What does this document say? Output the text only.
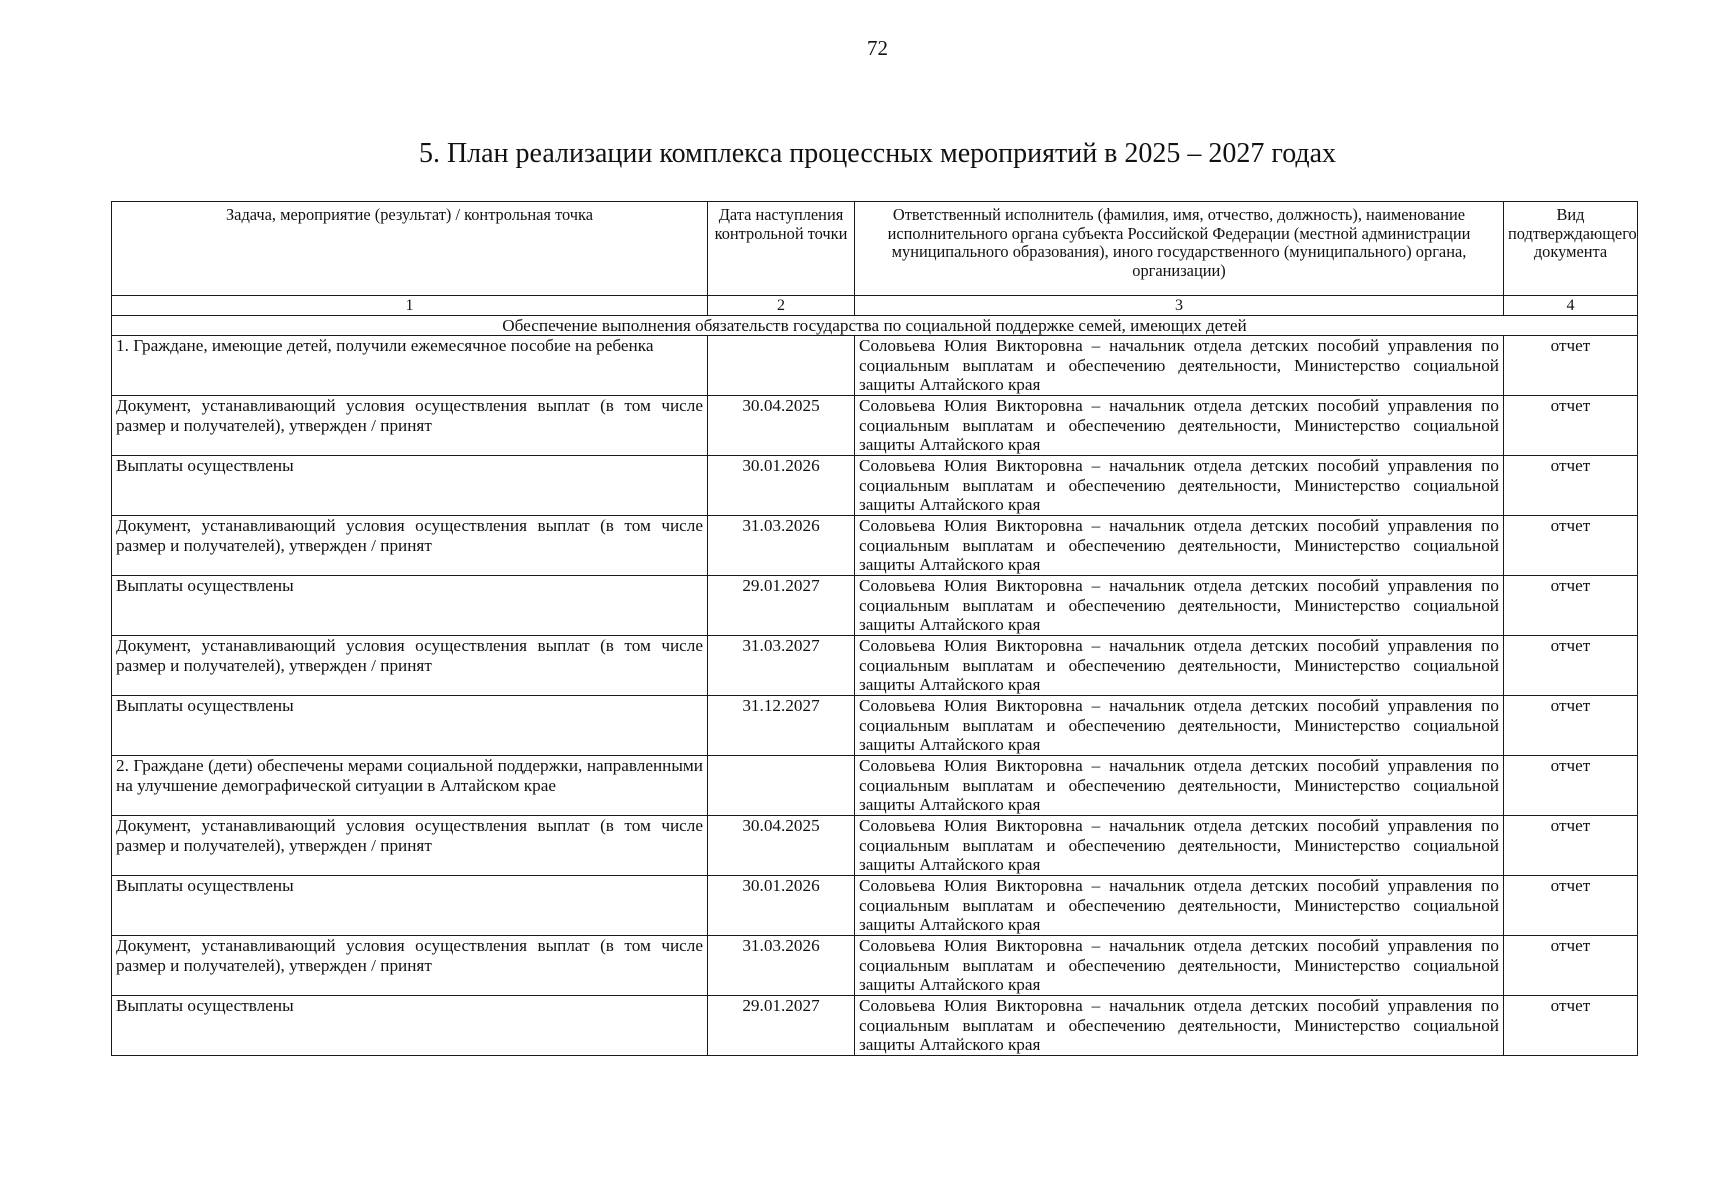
72
5. План реализации комплекса процессных мероприятий в 2025 – 2027 годах
Задача, мероприятие (результат) / контрольная точка	Дата наступления контрольной точки	Ответственный исполнитель (фамилия, имя, отчество, должность), наименование исполнительного органа субъекта Российской Федерации (местной администрации муниципального образования), иного государственного (муниципального) органа, организации)	Вид подтверждающего документа
1	2	3	4
Обеспечение выполнения обязательств государства по социальной поддержке семей, имеющих детей			
1. Граждане, имеющие детей, получили ежемесячное пособие на ребенка		Соловьева Юлия Викторовна – начальник отдела детских пособий управления по социальным выплатам и обеспечению деятельности, Министерство социальной защиты Алтайского края	отчет
Документ, устанавливающий условия осуществления выплат (в том числе размер и получателей), утвержден / принят	30.04.2025	Соловьева Юлия Викторовна – начальник отдела детских пособий управления по социальным выплатам и обеспечению деятельности, Министерство социальной защиты Алтайского края	отчет
Выплаты осуществлены	30.01.2026	Соловьева Юлия Викторовна – начальник отдела детских пособий управления по социальным выплатам и обеспечению деятельности, Министерство социальной защиты Алтайского края	отчет
Документ, устанавливающий условия осуществления выплат (в том числе размер и получателей), утвержден / принят	31.03.2026	Соловьева Юлия Викторовна – начальник отдела детских пособий управления по социальным выплатам и обеспечению деятельности, Министерство социальной защиты Алтайского края	отчет
Выплаты осуществлены	29.01.2027	Соловьева Юлия Викторовна – начальник отдела детских пособий управления по социальным выплатам и обеспечению деятельности, Министерство социальной защиты Алтайского края	отчет
Документ, устанавливающий условия осуществления выплат (в том числе размер и получателей), утвержден / принят	31.03.2027	Соловьева Юлия Викторовна – начальник отдела детских пособий управления по социальным выплатам и обеспечению деятельности, Министерство социальной защиты Алтайского края	отчет
Выплаты осуществлены	31.12.2027	Соловьева Юлия Викторовна – начальник отдела детских пособий управления по социальным выплатам и обеспечению деятельности, Министерство социальной защиты Алтайского края	отчет
2. Граждане (дети) обеспечены мерами социальной поддержки, направленными на улучшение демографической ситуации в Алтайском крае		Соловьева Юлия Викторовна – начальник отдела детских пособий управления по социальным выплатам и обеспечению деятельности, Министерство социальной защиты Алтайского края	отчет
Документ, устанавливающий условия осуществления выплат (в том числе размер и получателей), утвержден / принят	30.04.2025	Соловьева Юлия Викторовна – начальник отдела детских пособий управления по социальным выплатам и обеспечению деятельности, Министерство социальной защиты Алтайского края	отчет
Выплаты осуществлены	30.01.2026	Соловьева Юлия Викторовна – начальник отдела детских пособий управления по социальным выплатам и обеспечению деятельности, Министерство социальной защиты Алтайского края	отчет
Документ, устанавливающий условия осуществления выплат (в том числе размер и получателей), утвержден / принят	31.03.2026	Соловьева Юлия Викторовна – начальник отдела детских пособий управления по социальным выплатам и обеспечению деятельности, Министерство социальной защиты Алтайского края	отчет
Выплаты осуществлены	29.01.2027	Соловьева Юлия Викторовна – начальник отдела детских пособий управления по социальным выплатам и обеспечению деятельности, Министерство социальной защиты Алтайского края	отчет
